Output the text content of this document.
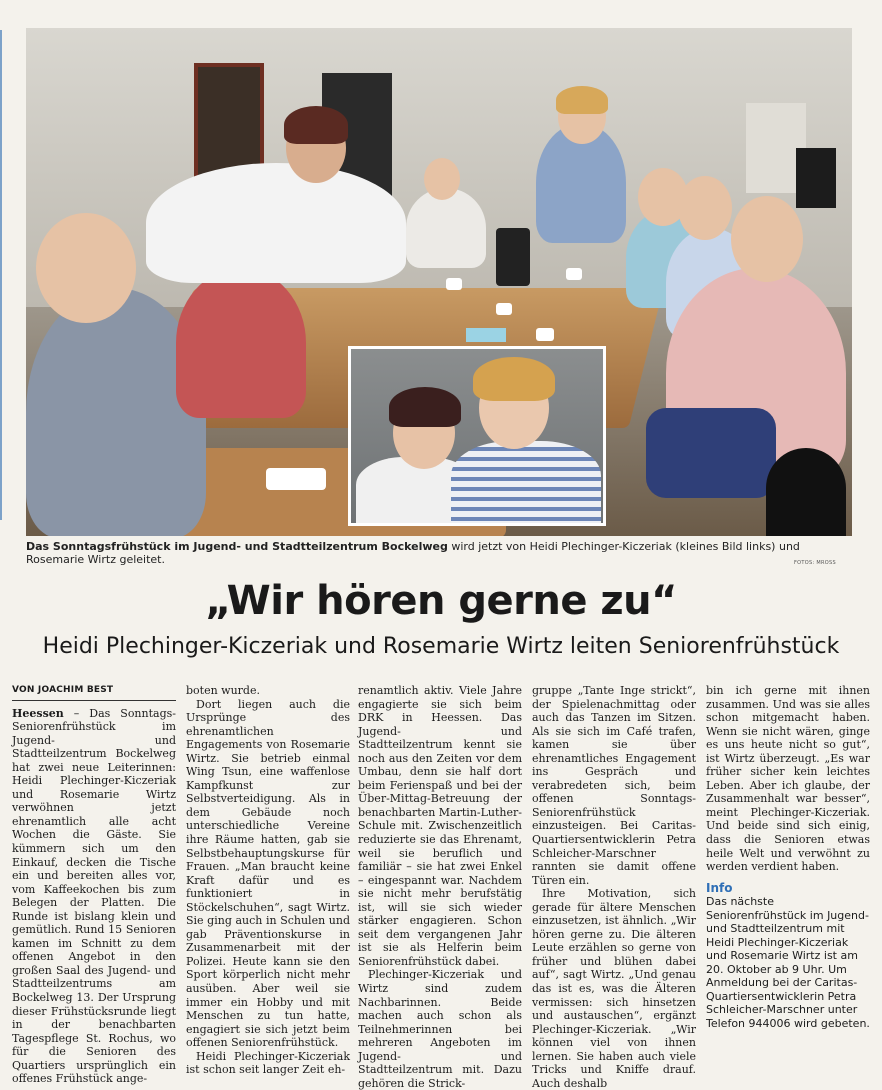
Das Sonntagsfrühstück im Jugend- und Stadtteilzentrum Bockelweg wird jetzt von Heidi Plechinger-Kiczeriak (kleines Bild links) und Rosemarie Wirtz geleitet.	FOTOS: MROSS
„Wir hören gerne zu“
Heidi Plechinger-Kiczeriak und Rosemarie Wirtz leiten Seniorenfrühstück
VON JOACHIM BEST

Heessen – Das Sonntags-Seniorenfrühstück im Jugend- und Stadtteilzentrum Bockelweg hat zwei neue Leiterinnen: Heidi Plechinger-Kiczeriak und Rosemarie Wirtz verwöhnen jetzt ehrenamtlich alle acht Wochen die Gäste. Sie kümmern sich um den Einkauf, decken die Tische ein und bereiten alles vor, vom Kaffeekochen bis zum Belegen der Platten. Die Runde ist bislang klein und gemütlich. Rund 15 Senioren kamen im Schnitt zu dem offenen Angebot in den großen Saal des Jugend- und Stadtteilzentrums am Bockelweg 13. Der Ursprung dieser Frühstücksrunde liegt in der benachbarten Tagespflege St. Rochus, wo für die Senioren des Quartiers ursprünglich ein offenes Frühstück ange-

boten wurde.

Dort liegen auch die Ursprünge des ehrenamtlichen Engagements von Rosemarie Wirtz. Sie betrieb einmal Wing Tsun, eine waffenlose Kampfkunst zur Selbstverteidigung. Als in dem Gebäude noch unterschiedliche Vereine ihre Räume hatten, gab sie Selbstbehauptungskurse für Frauen. „Man braucht keine Kraft dafür und es funktioniert in Stöckelschuhen“, sagt Wirtz. Sie ging auch in Schulen und gab Präventionskurse in Zusammenarbeit mit der Polizei. Heute kann sie den Sport körperlich nicht mehr ausüben. Aber weil sie immer ein Hobby und mit Menschen zu tun hatte, engagiert sie sich jetzt beim offenen Seniorenfrühstück.

Heidi Plechinger-Kiczeriak ist schon seit langer Zeit eh-

renamtlich aktiv. Viele Jahre engagierte sie sich beim DRK in Heessen. Das Jugend- und Stadtteilzentrum kennt sie noch aus den Zeiten vor dem Umbau, denn sie half dort beim Ferienspaß und bei der Über-Mittag-Betreuung der benachbarten Martin-Luther-Schule mit. Zwischenzeitlich reduzierte sie das Ehrenamt, weil sie beruflich und familiär – sie hat zwei Enkel – eingespannt war. Nachdem sie nicht mehr berufstätig ist, will sie sich wieder stärker engagieren. Schon seit dem vergangenen Jahr ist sie als Helferin beim Seniorenfrühstück dabei.

Plechinger-Kiczeriak und Wirtz sind zudem Nachbarinnen. Beide machen auch schon als Teilnehmerinnen bei mehreren Angeboten im Jugend- und Stadtteilzentrum mit. Dazu gehören die Strick-

gruppe „Tante Inge strickt“, der Spielenachmittag oder auch das Tanzen im Sitzen. Als sie sich im Café trafen, kamen sie über ehrenamtliches Engagement ins Gespräch und verabredeten sich, beim offenen Sonntags-Seniorenfrühstück einzusteigen. Bei Caritas-Quartiersentwicklerin Petra Schleicher-Marschner rannten sie damit offene Türen ein.

Ihre Motivation, sich gerade für ältere Menschen einzusetzen, ist ähnlich. „Wir hören gerne zu. Die älteren Leute erzählen so gerne von früher und blühen dabei auf“, sagt Wirtz. „Und genau das ist es, was die Älteren vermissen: sich hinsetzen und austauschen“, ergänzt Plechinger-Kiczeriak. „Wir können viel von ihnen lernen. Sie haben auch viele Tricks und Kniffe drauf. Auch deshalb

bin ich gerne mit ihnen zusammen. Und was sie alles schon mitgemacht haben. Wenn sie nicht wären, ginge es uns heute nicht so gut“, ist Wirtz überzeugt. „Es war früher sicher kein leichtes Leben. Aber ich glaube, der Zusammenhalt war besser“, meint Plechinger-Kiczeriak. Und beide sind sich einig, dass die Senioren etwas heile Welt und verwöhnt zu werden verdient haben.

Info
Das nächste Seniorenfrühstück im Jugend- und Stadtteilzentrum mit Heidi Plechinger-Kiczeriak und Rosemarie Wirtz ist am 20. Oktober ab 9 Uhr. Um Anmeldung bei der Caritas-Quartiersentwicklerin Petra Schleicher-Marschner unter Telefon 944006 wird gebeten.
